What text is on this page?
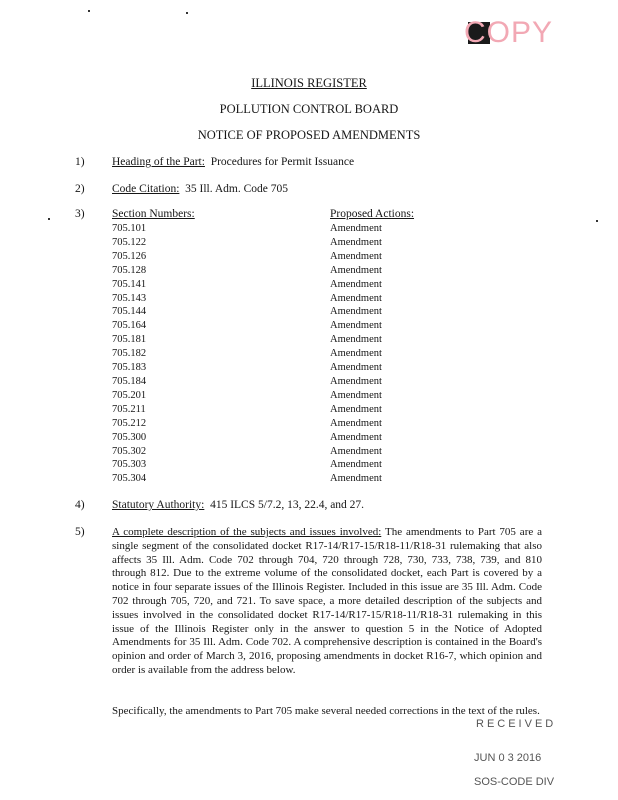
COPY
ILLINOIS REGISTER
POLLUTION CONTROL BOARD
NOTICE OF PROPOSED AMENDMENTS
1) Heading of the Part: Procedures for Permit Issuance
2) Code Citation: 35 Ill. Adm. Code 705
3) Section Numbers:	Proposed Actions:
705.101
705.122
705.126
705.128
705.141
705.143
705.144
705.164
705.181
705.182
705.183
705.184
705.201
705.211
705.212
705.300
705.302
705.303
705.304
Amendment
Amendment
Amendment
Amendment
Amendment
Amendment
Amendment
Amendment
Amendment
Amendment
Amendment
Amendment
Amendment
Amendment
Amendment
Amendment
Amendment
Amendment
Amendment
4) Statutory Authority: 415 ILCS 5/7.2, 13, 22.4, and 27.
5) A complete description of the subjects and issues involved: The amendments to Part 705 are a single segment of the consolidated docket R17-14/R17-15/R18-11/R18-31 rulemaking that also affects 35 Ill. Adm. Code 702 through 704, 720 through 728, 730, 733, 738, 739, and 810 through 812. Due to the extreme volume of the consolidated docket, each Part is covered by a notice in four separate issues of the Illinois Register. Included in this issue are 35 Ill. Adm. Code 702 through 705, 720, and 721. To save space, a more detailed description of the subjects and issues involved in the consolidated docket R17-14/R17-15/R18-11/R18-31 rulemaking in this issue of the Illinois Register only in the answer to question 5 in the Notice of Adopted Amendments for 35 Ill. Adm. Code 702. A comprehensive description is contained in the Board's opinion and order of March 3, 2016, proposing amendments in docket R16-7, which opinion and order is available from the address below.
Specifically, the amendments to Part 705 make several needed corrections in the text of the rules.
RECEIVED
JUN 0 3 2016
SOS-CODE DIV
